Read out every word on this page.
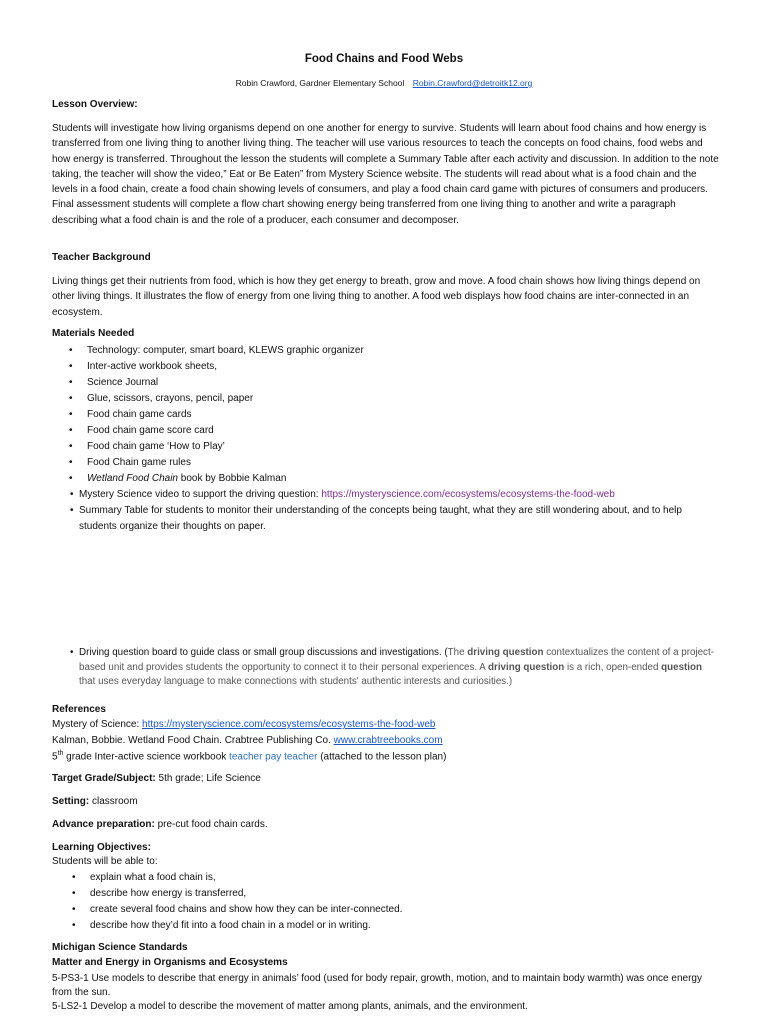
Food Chains and Food Webs
Robin Crawford, Gardner Elementary School Robin.Crawford@detroitk12.org
Lesson Overview:
Students will investigate how living organisms depend on one another for energy to survive. Students will learn about food chains and how energy is transferred from one living thing to another living thing. The teacher will use various resources to teach the concepts on food chains, food webs and how energy is transferred. Throughout the lesson the students will complete a Summary Table after each activity and discussion. In addition to the note taking, the teacher will show the video,” Eat or Be Eaten” from Mystery Science website. The students will read about what is a food chain and the levels in a food chain, create a food chain showing levels of consumers, and play a food chain card game with pictures of consumers and producers. Final assessment students will complete a flow chart showing energy being transferred from one living thing to another and write a paragraph describing what a food chain is and the role of a producer, each consumer and decomposer.
Teacher Background
Living things get their nutrients from food, which is how they get energy to breath, grow and move. A food chain shows how living things depend on other living things. It illustrates the flow of energy from one living thing to another. A food web displays how food chains are inter-connected in an ecosystem.
Materials Needed
• Technology: computer, smart board, KLEWS graphic organizer
• Inter-active workbook sheets,
• Science Journal
• Glue, scissors, crayons, pencil, paper
• Food chain game cards
• Food chain game score card
• Food chain game ‘How to Play’
• Food Chain game rules
• Wetland Food Chain book by Bobbie Kalman
• Mystery Science video to support the driving question: https://mysteryscience.com/ecosystems/ecosystems-the-food-web
• Summary Table for students to monitor their understanding of the concepts being taught, what they are still wondering about, and to help students organize their thoughts on paper.
• Driving question board to guide class or small group discussions and investigations. (The driving question contextualizes the content of a project-based unit and provides students the opportunity to connect it to their personal experiences. A driving question is a rich, open-ended question that uses everyday language to make connections with students' authentic interests and curiosities.)
References
Mystery of Science: https://mysteryscience.com/ecosystems/ecosystems-the-food-web
Kalman, Bobbie. Wetland Food Chain. Crabtree Publishing Co. www.crabtreebooks.com
5th grade Inter-active science workbook teacher pay teacher (attached to the lesson plan)
Target Grade/Subject: 5th grade; Life Science
Setting: classroom
Advance preparation: pre-cut food chain cards.
Learning Objectives:
Students will be able to:
• explain what a food chain is,
• describe how energy is transferred,
• create several food chains and show how they can be inter-connected.
• describe how they’d fit into a food chain in a model or in writing.
Michigan Science Standards
Matter and Energy in Organisms and Ecosystems
5-PS3-1 Use models to describe that energy in animals’ food (used for body repair, growth, motion, and to maintain body warmth) was once energy from the sun.
5-LS2-1 Develop a model to describe the movement of matter among plants, animals, and the environment.
